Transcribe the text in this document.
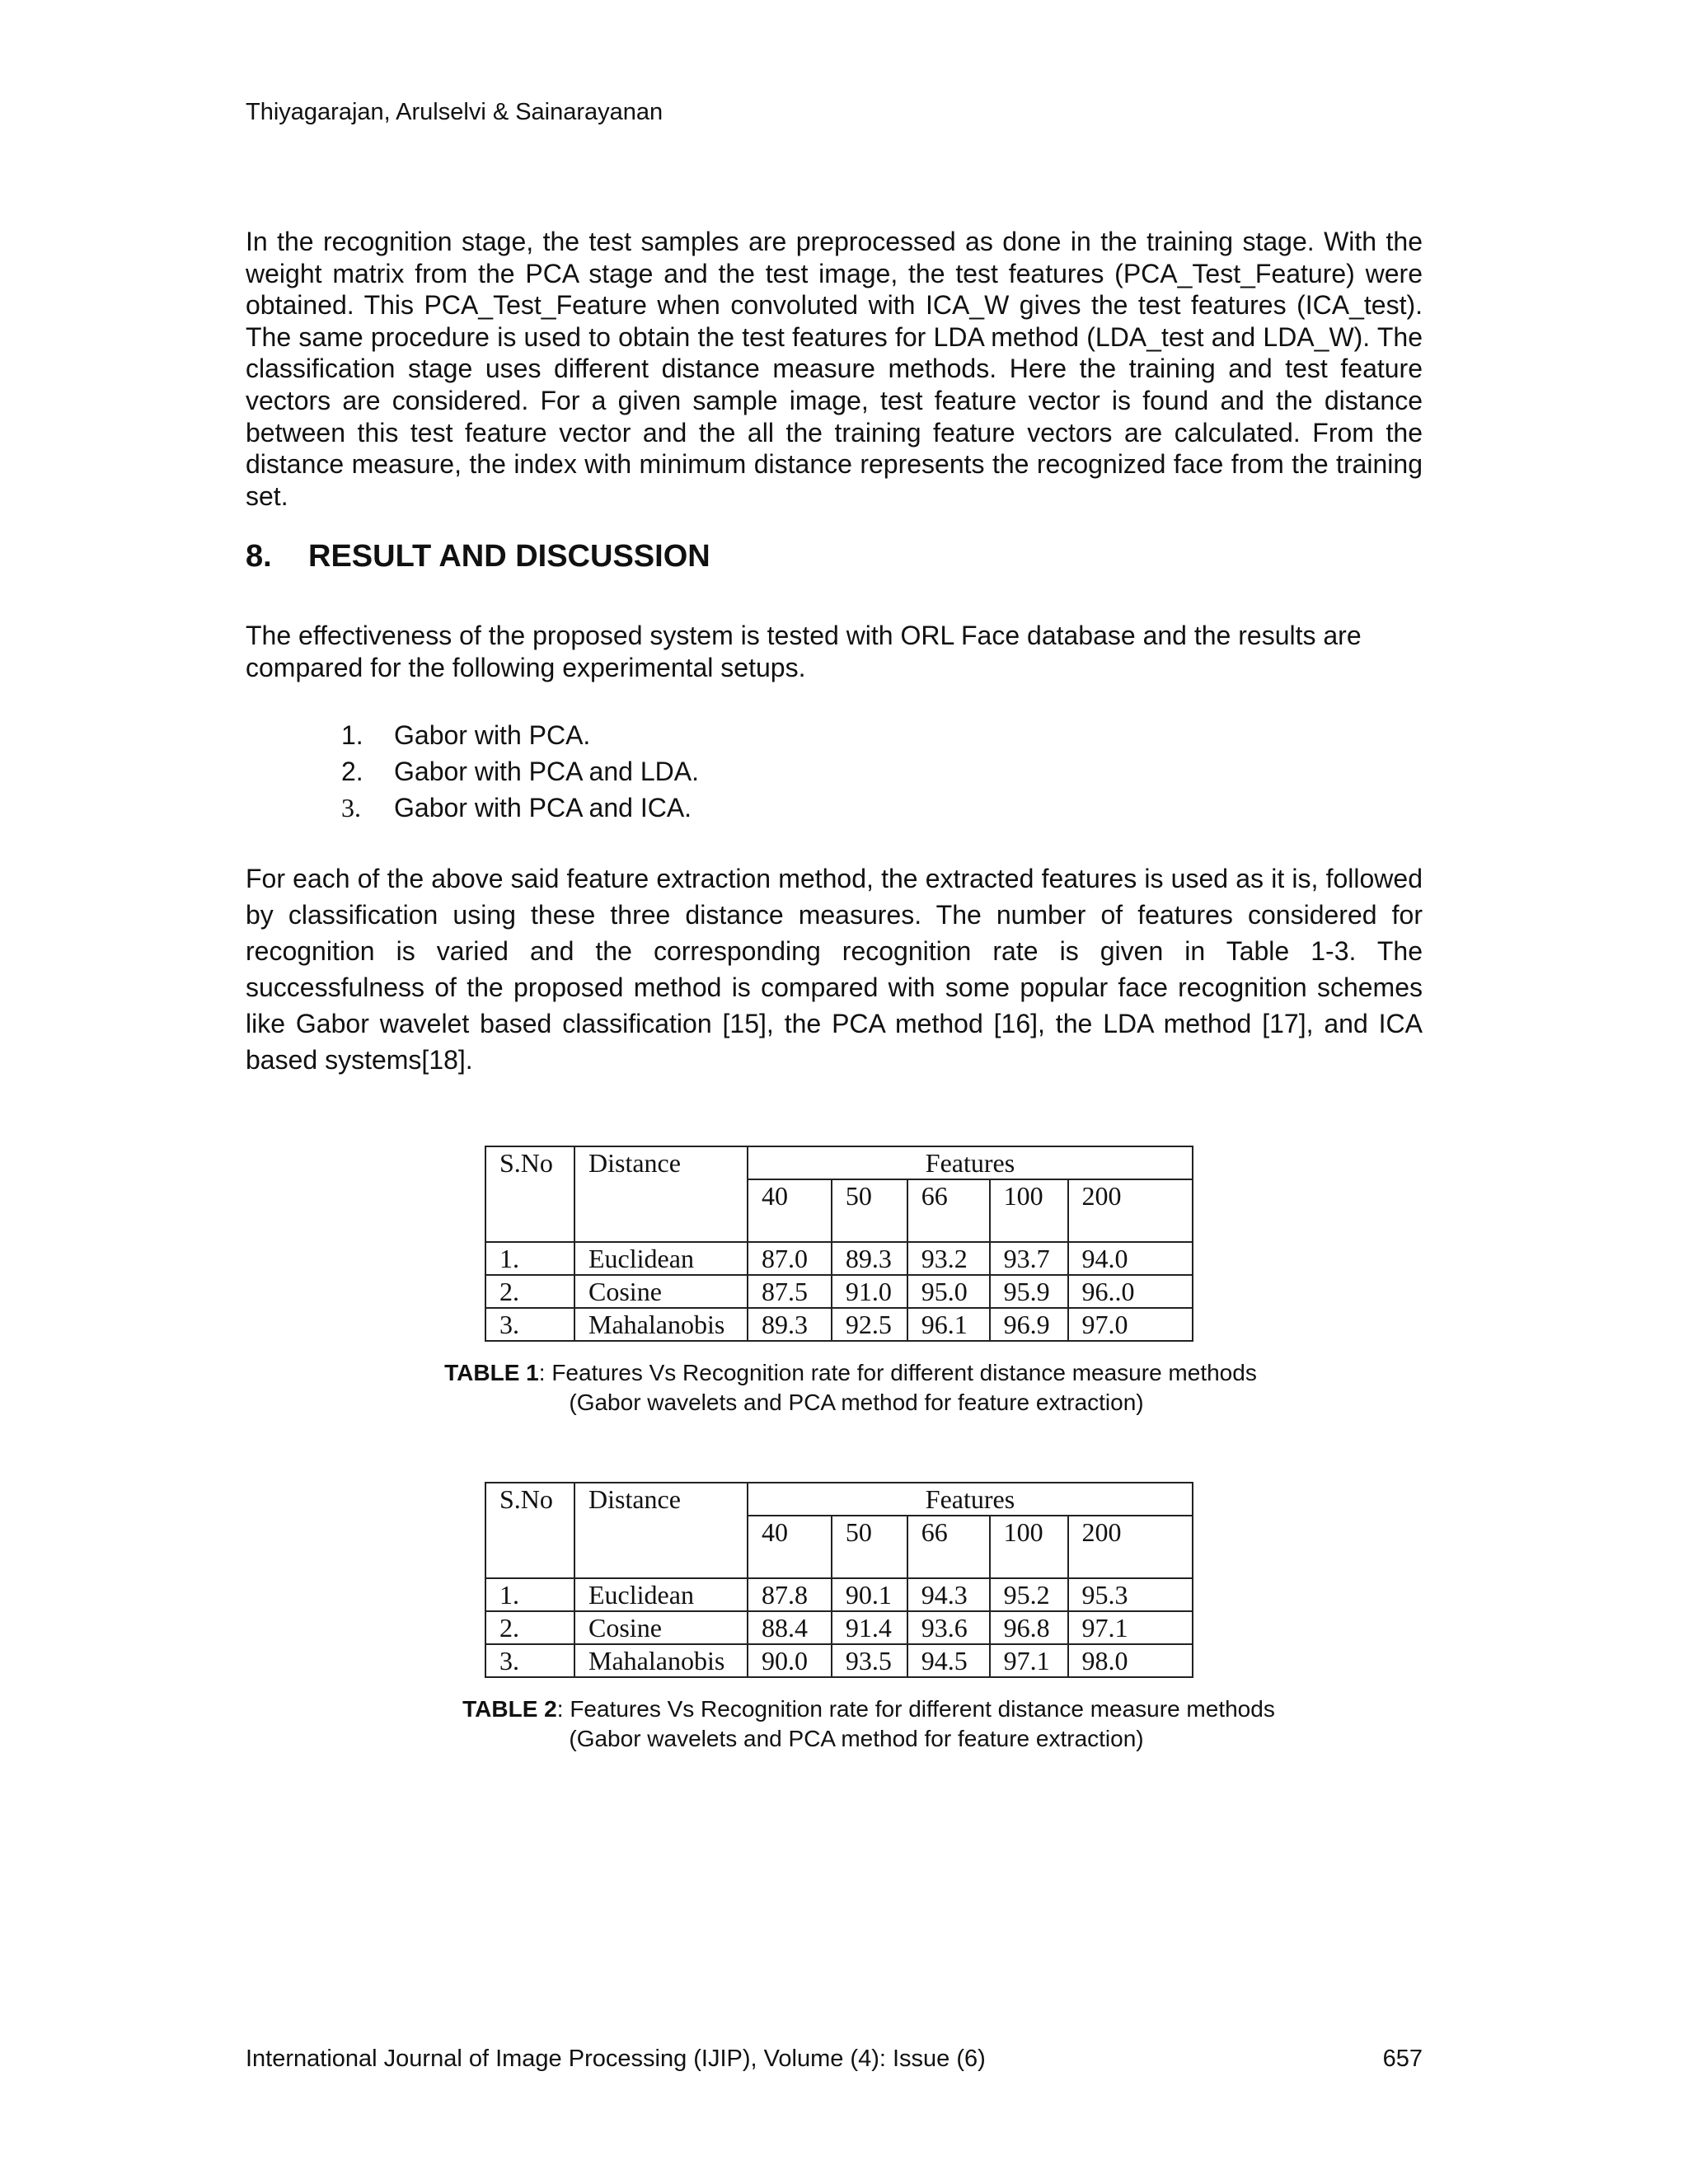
Thiyagarajan, Arulselvi & Sainarayanan

In the recognition stage, the test samples are preprocessed as done in the training stage. With the weight matrix from the PCA stage and the test image, the test features (PCA_Test_Feature) were obtained. This PCA_Test_Feature when convoluted with ICA_W gives the test features (ICA_test). The same procedure is used to obtain the test features for LDA method (LDA_test and LDA_W). The classification stage uses different distance measure methods. Here the training and test feature vectors are considered. For a given sample image, test feature vector is found and the distance between this test feature vector and the all the training feature vectors are calculated. From the distance measure, the index with minimum distance represents the recognized face from the training set.

8. RESULT AND DISCUSSION

The effectiveness of the proposed system is tested with ORL Face database and the results are compared for the following experimental setups.

1.	Gabor with PCA.
2.	Gabor with PCA and LDA.
3.	Gabor with PCA and ICA.

For each of the above said feature extraction method, the extracted features is used as it is, followed by classification using these three distance measures. The number of features considered for recognition is varied and the corresponding recognition rate is given in Table 1-3. The successfulness of the proposed method is compared with some popular face recognition schemes like Gabor wavelet based classification [15], the PCA method [16], the LDA method [17], and ICA based systems[18].

S.No	Distance	Features				
		40	50	66	100	200
1.	Euclidean	87.0	89.3	93.2	93.7	94.0
2.	Cosine	87.5	91.0	95.0	95.9	96..0
3.	Mahalanobis	89.3	92.5	96.1	96.9	97.0
TABLE 1: Features Vs Recognition rate for different distance measure methods
(Gabor wavelets and PCA method for feature extraction)
S.No	Distance	Features				
		40	50	66	100	200
1.	Euclidean	87.8	90.1	94.3	95.2	95.3
2.	Cosine	88.4	91.4	93.6	96.8	97.1
3.	Mahalanobis	90.0	93.5	94.5	97.1	98.0
TABLE 2: Features Vs Recognition rate for different distance measure methods
(Gabor wavelets and PCA method for feature extraction)
International Journal of Image Processing (IJIP), Volume (4): Issue (6)	657
